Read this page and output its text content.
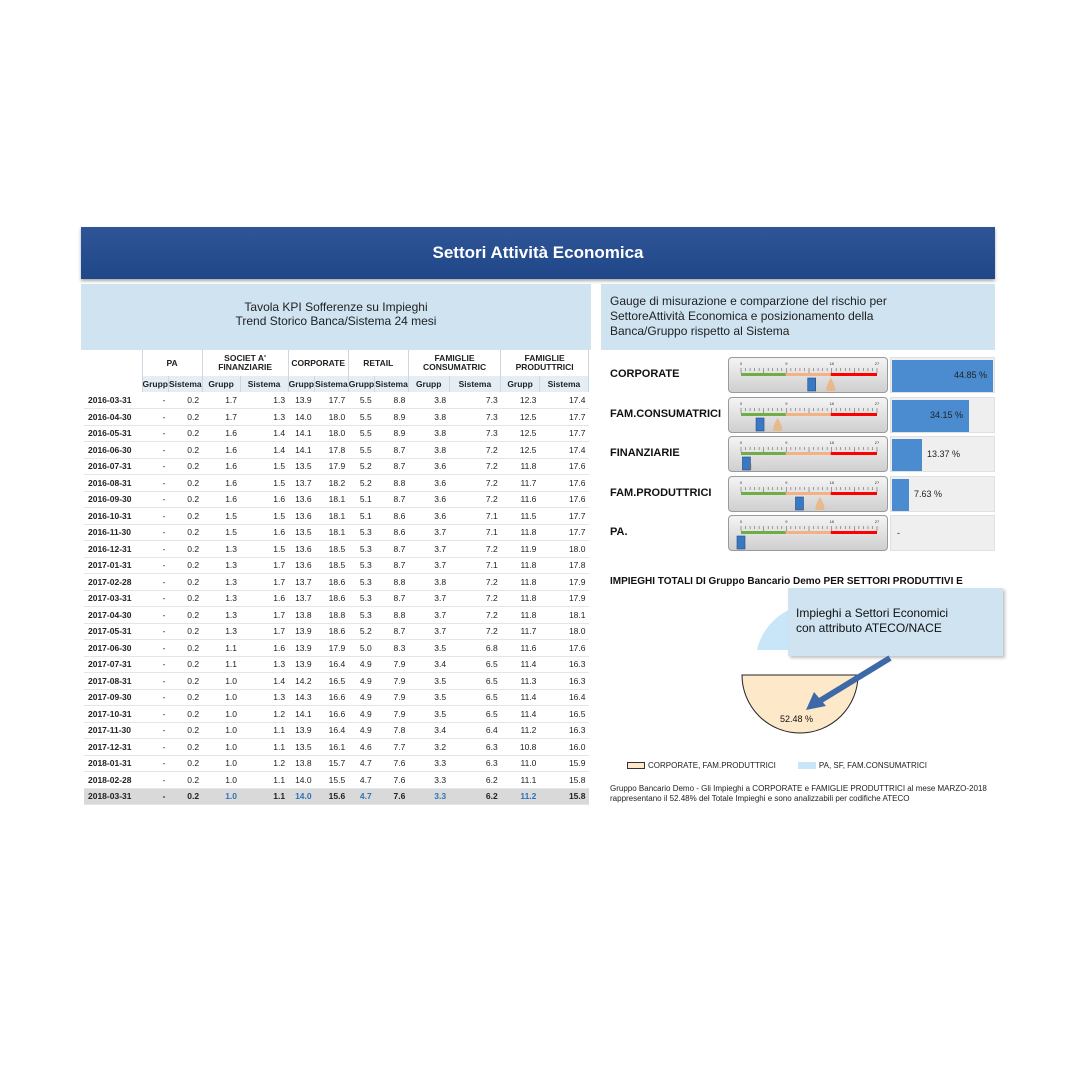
Settori Attività Economica
Tavola KPI Sofferenze su Impieghi
Trend Storico Banca/Sistema 24 mesi
	PA		SOCIET A' FINANZIARIE		CORPORATE		RETAIL		FAMIGLIE CONSUMATRIC		FAMIGLIE PRODUTTRICI	
	Grupp	Sistema	Grupp	Sistema	Grupp	Sistema	Grupp	Sistema	Grupp	Sistema	Grupp	Sistema
2016-03-31	-	0.2	1.7	1.3	13.9	17.7	5.5	8.8	3.8	7.3	12.3	17.4
2016-04-30	-	0.2	1.7	1.3	14.0	18.0	5.5	8.9	3.8	7.3	12.5	17.7
2016-05-31	-	0.2	1.6	1.4	14.1	18.0	5.5	8.9	3.8	7.3	12.5	17.7
2016-06-30	-	0.2	1.6	1.4	14.1	17.8	5.5	8.7	3.8	7.2	12.5	17.4
2016-07-31	-	0.2	1.6	1.5	13.5	17.9	5.2	8.7	3.6	7.2	11.8	17.6
2016-08-31	-	0.2	1.6	1.5	13.7	18.2	5.2	8.8	3.6	7.2	11.7	17.6
2016-09-30	-	0.2	1.6	1.6	13.6	18.1	5.1	8.7	3.6	7.2	11.6	17.6
2016-10-31	-	0.2	1.5	1.5	13.6	18.1	5.1	8.6	3.6	7.1	11.5	17.7
2016-11-30	-	0.2	1.5	1.6	13.5	18.1	5.3	8.6	3.7	7.1	11.8	17.7
2016-12-31	-	0.2	1.3	1.5	13.6	18.5	5.3	8.7	3.7	7.2	11.9	18.0
2017-01-31	-	0.2	1.3	1.7	13.6	18.5	5.3	8.7	3.7	7.1	11.8	17.8
2017-02-28	-	0.2	1.3	1.7	13.7	18.6	5.3	8.8	3.8	7.2	11.8	17.9
2017-03-31	-	0.2	1.3	1.6	13.7	18.6	5.3	8.7	3.7	7.2	11.8	17.9
2017-04-30	-	0.2	1.3	1.7	13.8	18.8	5.3	8.8	3.7	7.2	11.8	18.1
2017-05-31	-	0.2	1.3	1.7	13.9	18.6	5.2	8.7	3.7	7.2	11.7	18.0
2017-06-30	-	0.2	1.1	1.6	13.9	17.9	5.0	8.3	3.5	6.8	11.6	17.6
2017-07-31	-	0.2	1.1	1.3	13.9	16.4	4.9	7.9	3.4	6.5	11.4	16.3
2017-08-31	-	0.2	1.0	1.4	14.2	16.5	4.9	7.9	3.5	6.5	11.3	16.3
2017-09-30	-	0.2	1.0	1.3	14.3	16.6	4.9	7.9	3.5	6.5	11.4	16.4
2017-10-31	-	0.2	1.0	1.2	14.1	16.6	4.9	7.9	3.5	6.5	11.4	16.5
2017-11-30	-	0.2	1.0	1.1	13.9	16.4	4.9	7.8	3.4	6.4	11.2	16.3
2017-12-31	-	0.2	1.0	1.1	13.5	16.1	4.6	7.7	3.2	6.3	10.8	16.0
2018-01-31	-	0.2	1.0	1.2	13.8	15.7	4.7	7.6	3.3	6.3	11.0	15.9
2018-02-28	-	0.2	1.0	1.1	14.0	15.5	4.7	7.6	3.3	6.2	11.1	15.8
2018-03-31	-	0.2	1.0	1.1	14.0	15.6	4.7	7.6	3.3	6.2	11.2	15.8
Gauge di misurazione e comparzione del rischio per
SettoreAttività Economica e posizionamento della
Banca/Gruppo rispetto al Sistema
CORPORATE
0	9	18	27
44.85 %
FAM.CONSUMATRICI
0	9	18	27
34.15 %
FINANZIARIE
0	9	18	27
13.37 %
FAM.PRODUTTRICI
0	9	18	27
7.63 %
PA.
0	9	18	27
-
IMPIEGHI TOTALI DI Gruppo Bancario Demo PER SETTORI PRODUTTIVI E
52.48 %
Impieghi a Settori Economici
con attributo ATECO/NACE
CORPORATE, FAM.PRODUTTRICI	PA, SF, FAM.CONSUMATRICI
Gruppo Bancario Demo - Gli Impieghi a CORPORATE e FAMIGLIE PRODUTTRICI al mese MARZO-2018 rappresentano il 52.48% del Totale Impieghi e sono analizzabili per codifiche ATECO
